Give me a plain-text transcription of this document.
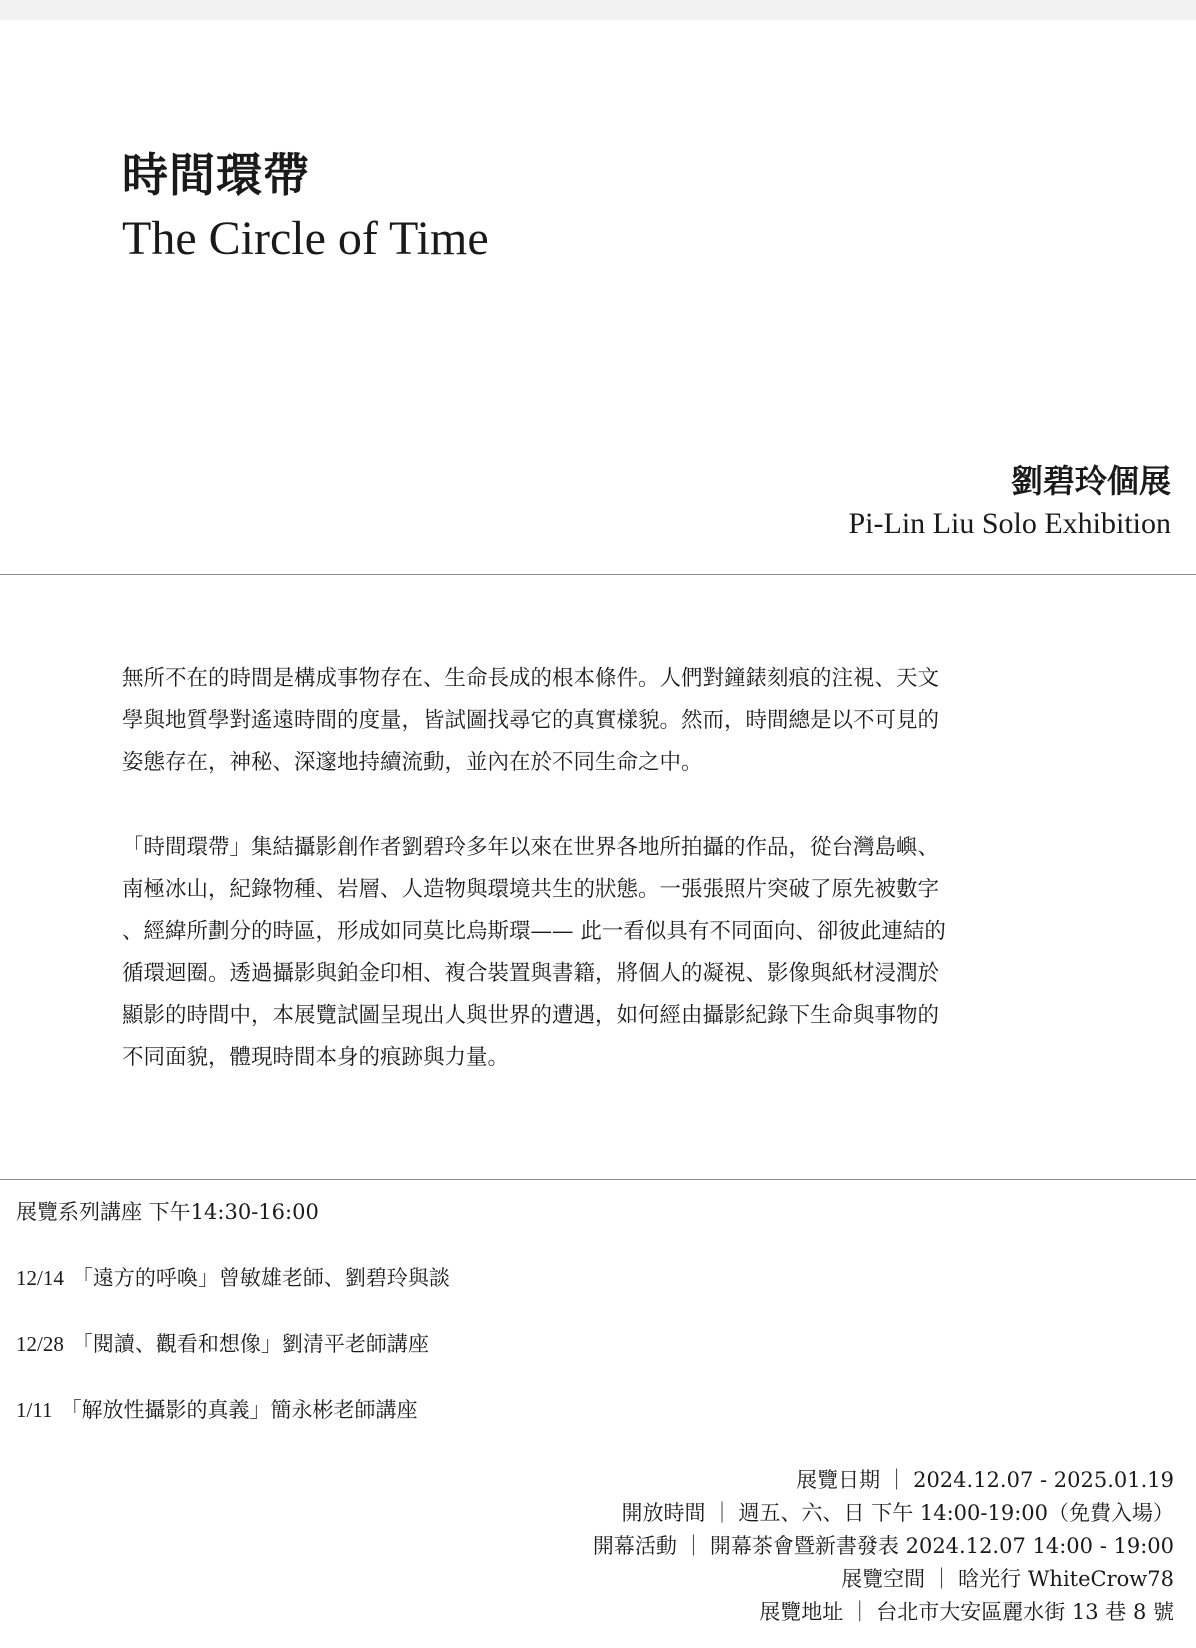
時間環帶
The Circle of Time
劉碧玲個展
Pi-Lin Liu Solo Exhibition

無所不在的時間是構成事物存在、生命長成的根本條件。人們對鐘錶刻痕的注視、天文
學與地質學對遙遠時間的度量，皆試圖找尋它的真實樣貌。然而，時間總是以不可見的
姿態存在，神秘、深邃地持續流動，並內在於不同生命之中。

「時間環帶」集結攝影創作者劉碧玲多年以來在世界各地所拍攝的作品，從台灣島嶼、
南極冰山，紀錄物種、岩層、人造物與環境共生的狀態。一張張照片突破了原先被數字
、經緯所劃分的時區，形成如同莫比烏斯環—— 此一看似具有不同面向、卻彼此連結的
循環迴圈。透過攝影與鉑金印相、複合裝置與書籍，將個人的凝視、影像與紙材浸潤於
顯影的時間中，本展覽試圖呈現出人與世界的遭遇，如何經由攝影紀錄下生命與事物的
不同面貌，體現時間本身的痕跡與力量。

展覽系列講座 下午14:30-16:00
12/14 「遠方的呼喚」曾敏雄老師、劉碧玲與談
12/28 「閱讀、觀看和想像」劉清平老師講座
1/11 「解放性攝影的真義」簡永彬老師講座
展覽日期 ｜ 2024.12.07 - 2025.01.19
開放時間 ｜ 週五、六、日 下午 14:00-19:00（免費入場）
開幕活動 ｜ 開幕茶會暨新書發表 2024.12.07 14:00 - 19:00
展覽空間 ｜ 晗光行 WhiteCrow78
展覽地址 ｜ 台北市大安區麗水街 13 巷 8 號
